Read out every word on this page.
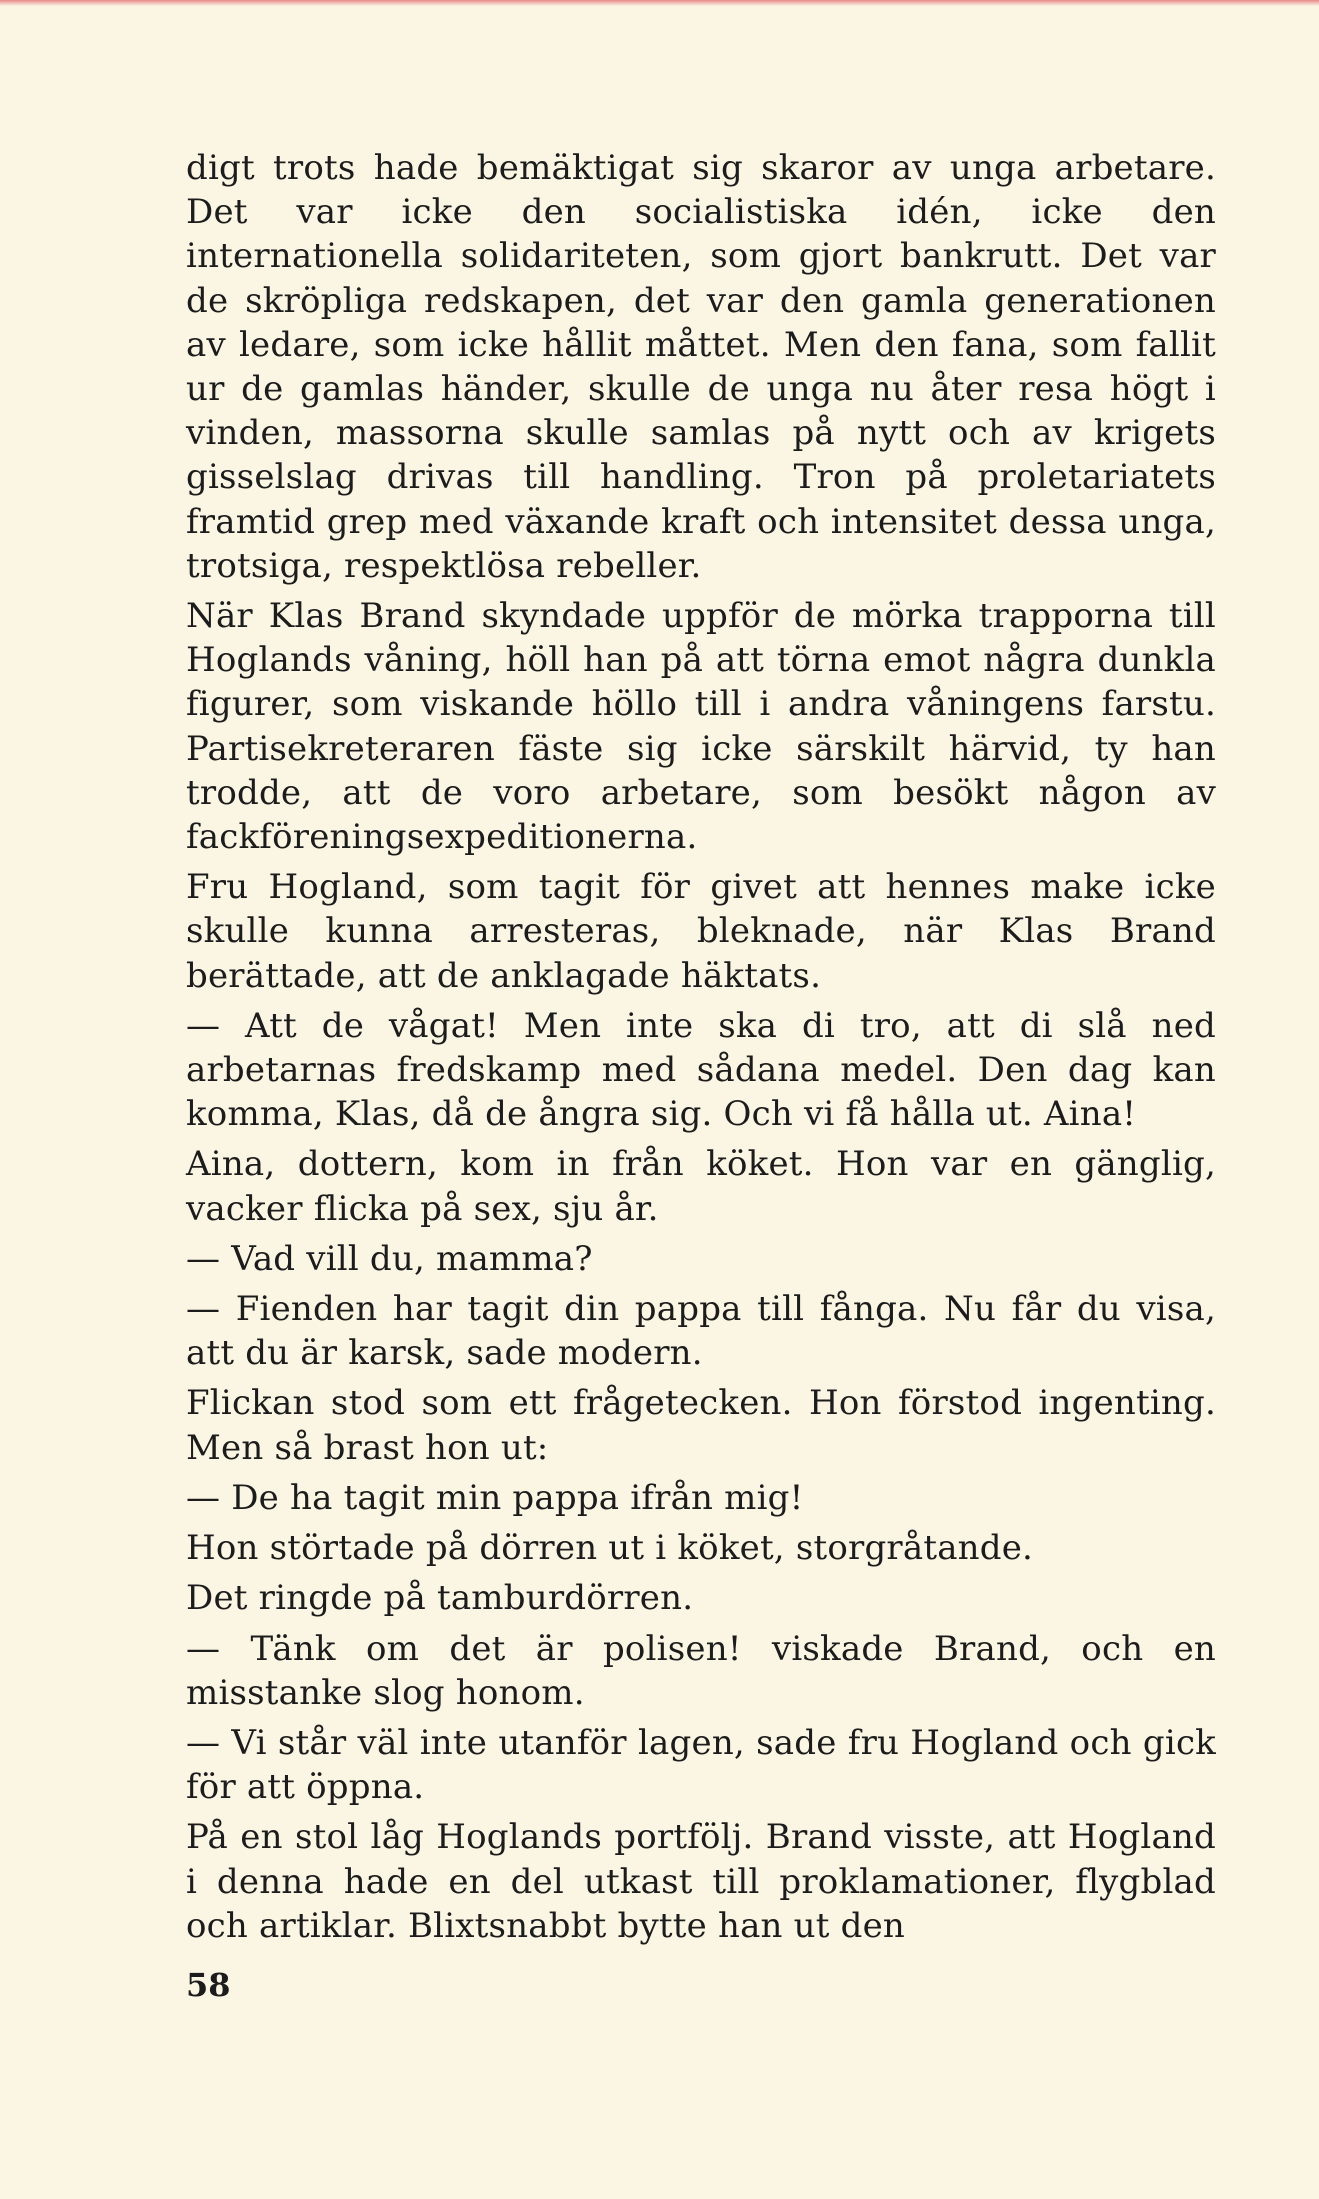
digt trots hade bemäktigat sig skaror av unga arbetare. Det var icke den socialistiska idén, icke den internationella solidariteten, som gjort bankrutt. Det var de skröpliga redskapen, det var den gamla generationen av ledare, som icke hållit måttet. Men den fana, som fallit ur de gamlas händer, skulle de unga nu åter resa högt i vinden, massorna skulle samlas på nytt och av krigets gisselslag drivas till handling. Tron på proletariatets framtid grep med växande kraft och intensitet dessa unga, trotsiga, respektlösa rebeller.

När Klas Brand skyndade uppför de mörka trapporna till Hoglands våning, höll han på att törna emot några dunkla figurer, som viskande höllo till i andra våningens farstu. Partisekreteraren fäste sig icke särskilt härvid, ty han trodde, att de voro arbetare, som besökt någon av fackföreningsexpeditionerna.

Fru Hogland, som tagit för givet att hennes make icke skulle kunna arresteras, bleknade, när Klas Brand berättade, att de anklagade häktats.

— Att de vågat! Men inte ska di tro, att di slå ned arbetarnas fredskamp med sådana medel. Den dag kan komma, Klas, då de ångra sig. Och vi få hålla ut. Aina!

Aina, dottern, kom in från köket. Hon var en gänglig, vacker flicka på sex, sju år.

— Vad vill du, mamma?

— Fienden har tagit din pappa till fånga. Nu får du visa, att du är karsk, sade modern.

Flickan stod som ett frågetecken. Hon förstod ingenting. Men så brast hon ut:

— De ha tagit min pappa ifrån mig!

Hon störtade på dörren ut i köket, storgråtande.

Det ringde på tamburdörren.

— Tänk om det är polisen! viskade Brand, och en misstanke slog honom.

— Vi står väl inte utanför lagen, sade fru Hogland och gick för att öppna.

På en stol låg Hoglands portfölj. Brand visste, att Hogland i denna hade en del utkast till proklamationer, flygblad och artiklar. Blixtsnabbt bytte han ut den

58
